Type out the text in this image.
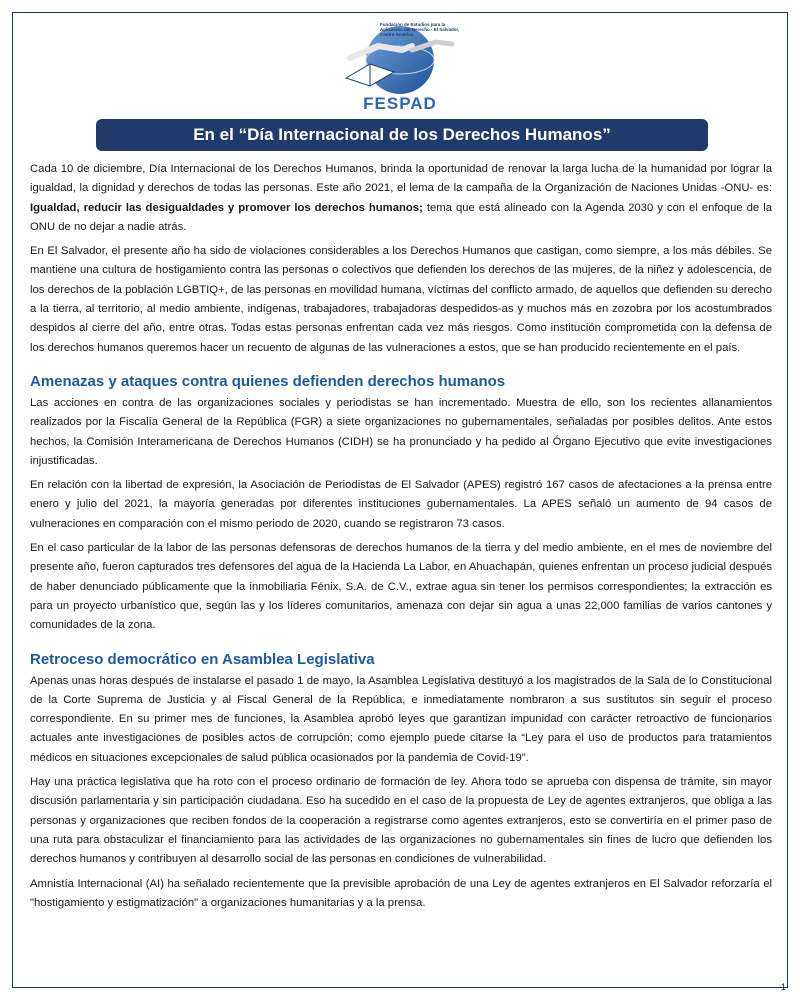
Fundación de Estudios para la Aplicación del Derecho · El Salvador, Centro América
FESPAD
En el “Día Internacional de los Derechos Humanos”

Cada 10 de diciembre, Día Internacional de los Derechos Humanos, brinda la oportunidad de renovar la larga lucha de la humanidad por lograr la igualdad, la dignidad y derechos de todas las personas. Este año 2021, el lema de la campaña de la Organización de Naciones Unidas -ONU- es: Igualdad, reducir las desigualdades y promover los derechos humanos; tema que está alineado con la Agenda 2030 y con el enfoque de la ONU de no dejar a nadie atrás.

En El Salvador, el presente año ha sido de violaciones considerables a los Derechos Humanos que castigan, como siempre, a los más débiles. Se mantiene una cultura de hostigamiento contra las personas o colectivos que defienden los derechos de las mujeres, de la niñez y adolescencia, de los derechos de la población LGBTIQ+, de las personas en movilidad humana, víctimas del conflicto armado, de aquellos que defienden su derecho a la tierra, al territorio, al medio ambiente, indígenas, trabajadores, trabajadoras despedidos-as y muchos más en zozobra por los acostumbrados despidos al cierre del año, entre otras. Todas estas personas enfrentan cada vez más riesgos. Como institución comprometida con la defensa de los derechos humanos queremos hacer un recuento de algunas de las vulneraciones a estos, que se han producido recientemente en el país.

Amenazas y ataques contra quienes defienden derechos humanos

Las acciones en contra de las organizaciones sociales y periodistas se han incrementado. Muestra de ello, son los recientes allanamientos realizados por la Fiscalía General de la República (FGR) a siete organizaciones no gubernamentales, señaladas por posibles delitos. Ante estos hechos, la Comisión Interamericana de Derechos Humanos (CIDH) se ha pronunciado y ha pedido al Órgano Ejecutivo que evite investigaciones injustificadas.

En relación con la libertad de expresión, la Asociación de Periodistas de El Salvador (APES) registró 167 casos de afectaciones a la prensa entre enero y julio del 2021, la mayoría generadas por diferentes instituciones gubernamentales. La APES señaló un aumento de 94 casos de vulneraciones en comparación con el mismo periodo de 2020, cuando se registraron 73 casos.

En el caso particular de la labor de las personas defensoras de derechos humanos de la tierra y del medio ambiente, en el mes de noviembre del presente año, fueron capturados tres defensores del agua de la Hacienda La Labor, en Ahuachapán, quienes enfrentan un proceso judicial después de haber denunciado públicamente que la inmobiliaria Fénix, S.A. de C.V., extrae agua sin tener los permisos correspondientes; la extracción es para un proyecto urbanístico que, según las y los líderes comunitarios, amenaza con dejar sin agua a unas 22,000 familias de varios cantones y comunidades de la zona.

Retroceso democrático en Asamblea Legislativa

Apenas unas horas después de instalarse el pasado 1 de mayo, la Asamblea Legislativa destituyó a los magistrados de la Sala de lo Constitucional de la Corte Suprema de Justicia y al Fiscal General de la República, e inmediatamente nombraron a sus sustitutos sin seguir el proceso correspondiente. En su primer mes de funciones, la Asamblea aprobó leyes que garantizan impunidad con carácter retroactivo de funcionarios actuales ante investigaciones de posibles actos de corrupción; como ejemplo puede citarse la “Ley para el uso de productos para tratamientos médicos en situaciones excepcionales de salud pública ocasionados por la pandemia de Covid-19”.

Hay una práctica legislativa que ha roto con el proceso ordinario de formación de ley. Ahora todo se aprueba con dispensa de trámite, sin mayor discusión parlamentaria y sin participación ciudadana. Eso ha sucedido en el caso de la propuesta de Ley de agentes extranjeros, que obliga a las personas y organizaciones que reciben fondos de la cooperación a registrarse como agentes extranjeros, esto se convertiría en el primer paso de una ruta para obstaculizar el financiamiento para las actividades de las organizaciones no gubernamentales sin fines de lucro que defienden los derechos humanos y contribuyen al desarrollo social de las personas en condiciones de vulnerabilidad.

Amnistía Internacional (AI) ha señalado recientemente que la previsible aprobación de una Ley de agentes extranjeros en El Salvador reforzaría el "hostigamiento y estigmatización" a organizaciones humanitarias y a la prensa.

1
